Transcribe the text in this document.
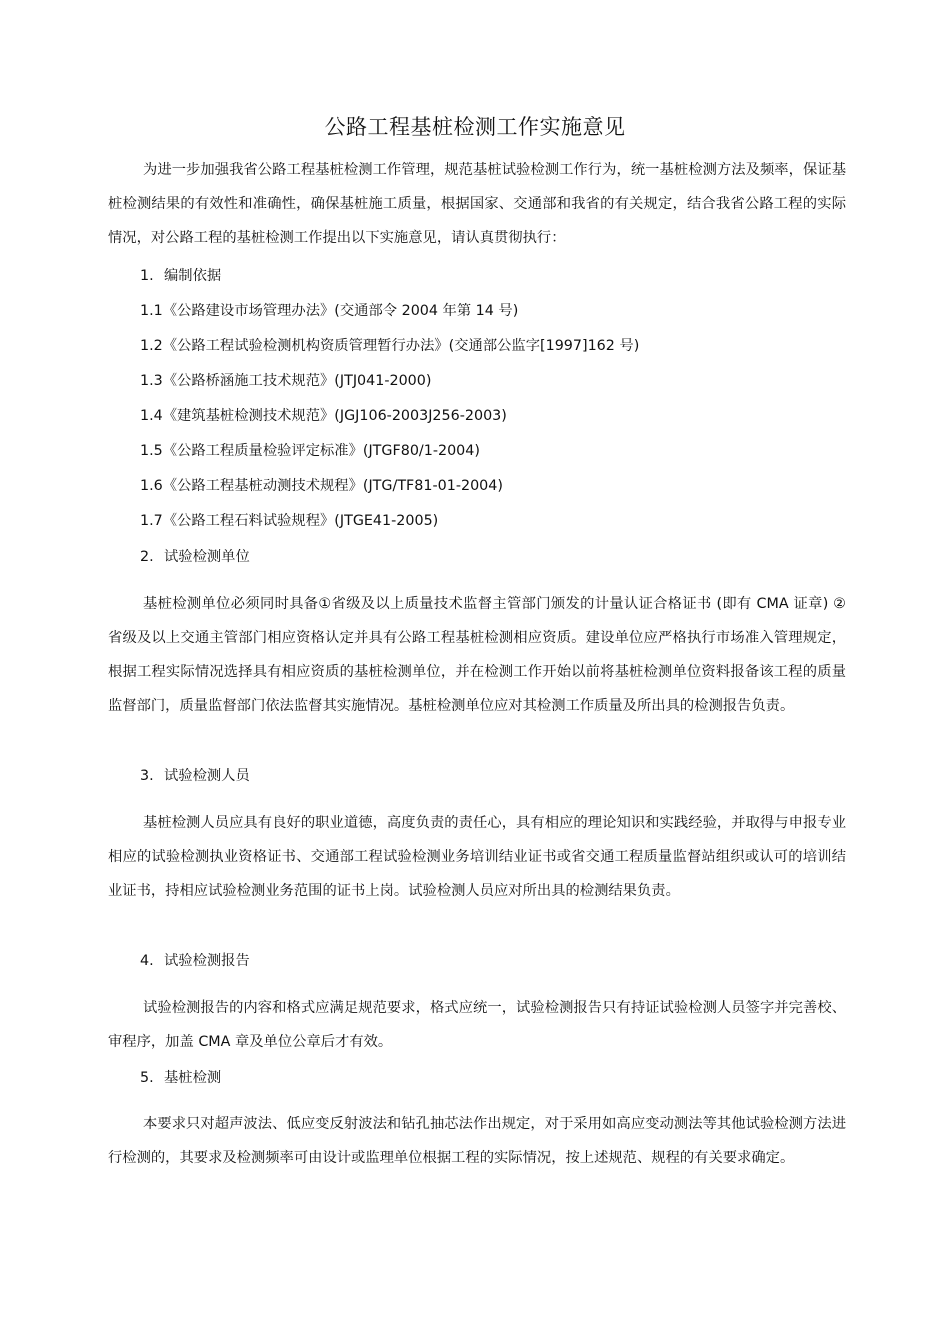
公路工程基桩检测工作实施意见
为进一步加强我省公路工程基桩检测工作管理，规范基桩试验检测工作行为，统一基桩检测方法及频率，保证基桩检测结果的有效性和准确性，确保基桩施工质量，根据国家、交通部和我省的有关规定，结合我省公路工程的实际情况，对公路工程的基桩检测工作提出以下实施意见，请认真贯彻执行：
1. 编制依据
1.1《公路建设市场管理办法》(交通部令 2004 年第 14 号)
1.2《公路工程试验检测机构资质管理暂行办法》(交通部公监字[1997]162 号)
1.3《公路桥涵施工技术规范》(JTJ041-2000)
1.4《建筑基桩检测技术规范》(JGJ106-2003J256-2003)
1.5《公路工程质量检验评定标准》(JTGF80/1-2004)
1.6《公路工程基桩动测技术规程》(JTG/TF81-01-2004)
1.7《公路工程石料试验规程》(JTGE41-2005)
2. 试验检测单位
基桩检测单位必须同时具备①省级及以上质量技术监督主管部门颁发的计量认证合格证书 (即有 CMA 证章) ② 省级及以上交通主管部门相应资格认定并具有公路工程基桩检测相应资质。建设单位应严格执行市场准入管理规定，根据工程实际情况选择具有相应资质的基桩检测单位，并在检测工作开始以前将基桩检测单位资料报备该工程的质量监督部门，质量监督部门依法监督其实施情况。基桩检测单位应对其检测工作质量及所出具的检测报告负责。
3. 试验检测人员
基桩检测人员应具有良好的职业道德，高度负责的责任心，具有相应的理论知识和实践经验，并取得与申报专业相应的试验检测执业资格证书、交通部工程试验检测业务培训结业证书或省交通工程质量监督站组织或认可的培训结业证书，持相应试验检测业务范围的证书上岗。试验检测人员应对所出具的检测结果负责。
4. 试验检测报告
试验检测报告的内容和格式应满足规范要求，格式应统一，试验检测报告只有持证试验检测人员签字并完善校、审程序，加盖 CMA 章及单位公章后才有效。
5. 基桩检测
本要求只对超声波法、低应变反射波法和钻孔抽芯法作出规定，对于采用如高应变动测法等其他试验检测方法进行检测的，其要求及检测频率可由设计或监理单位根据工程的实际情况，按上述规范、规程的有关要求确定。
